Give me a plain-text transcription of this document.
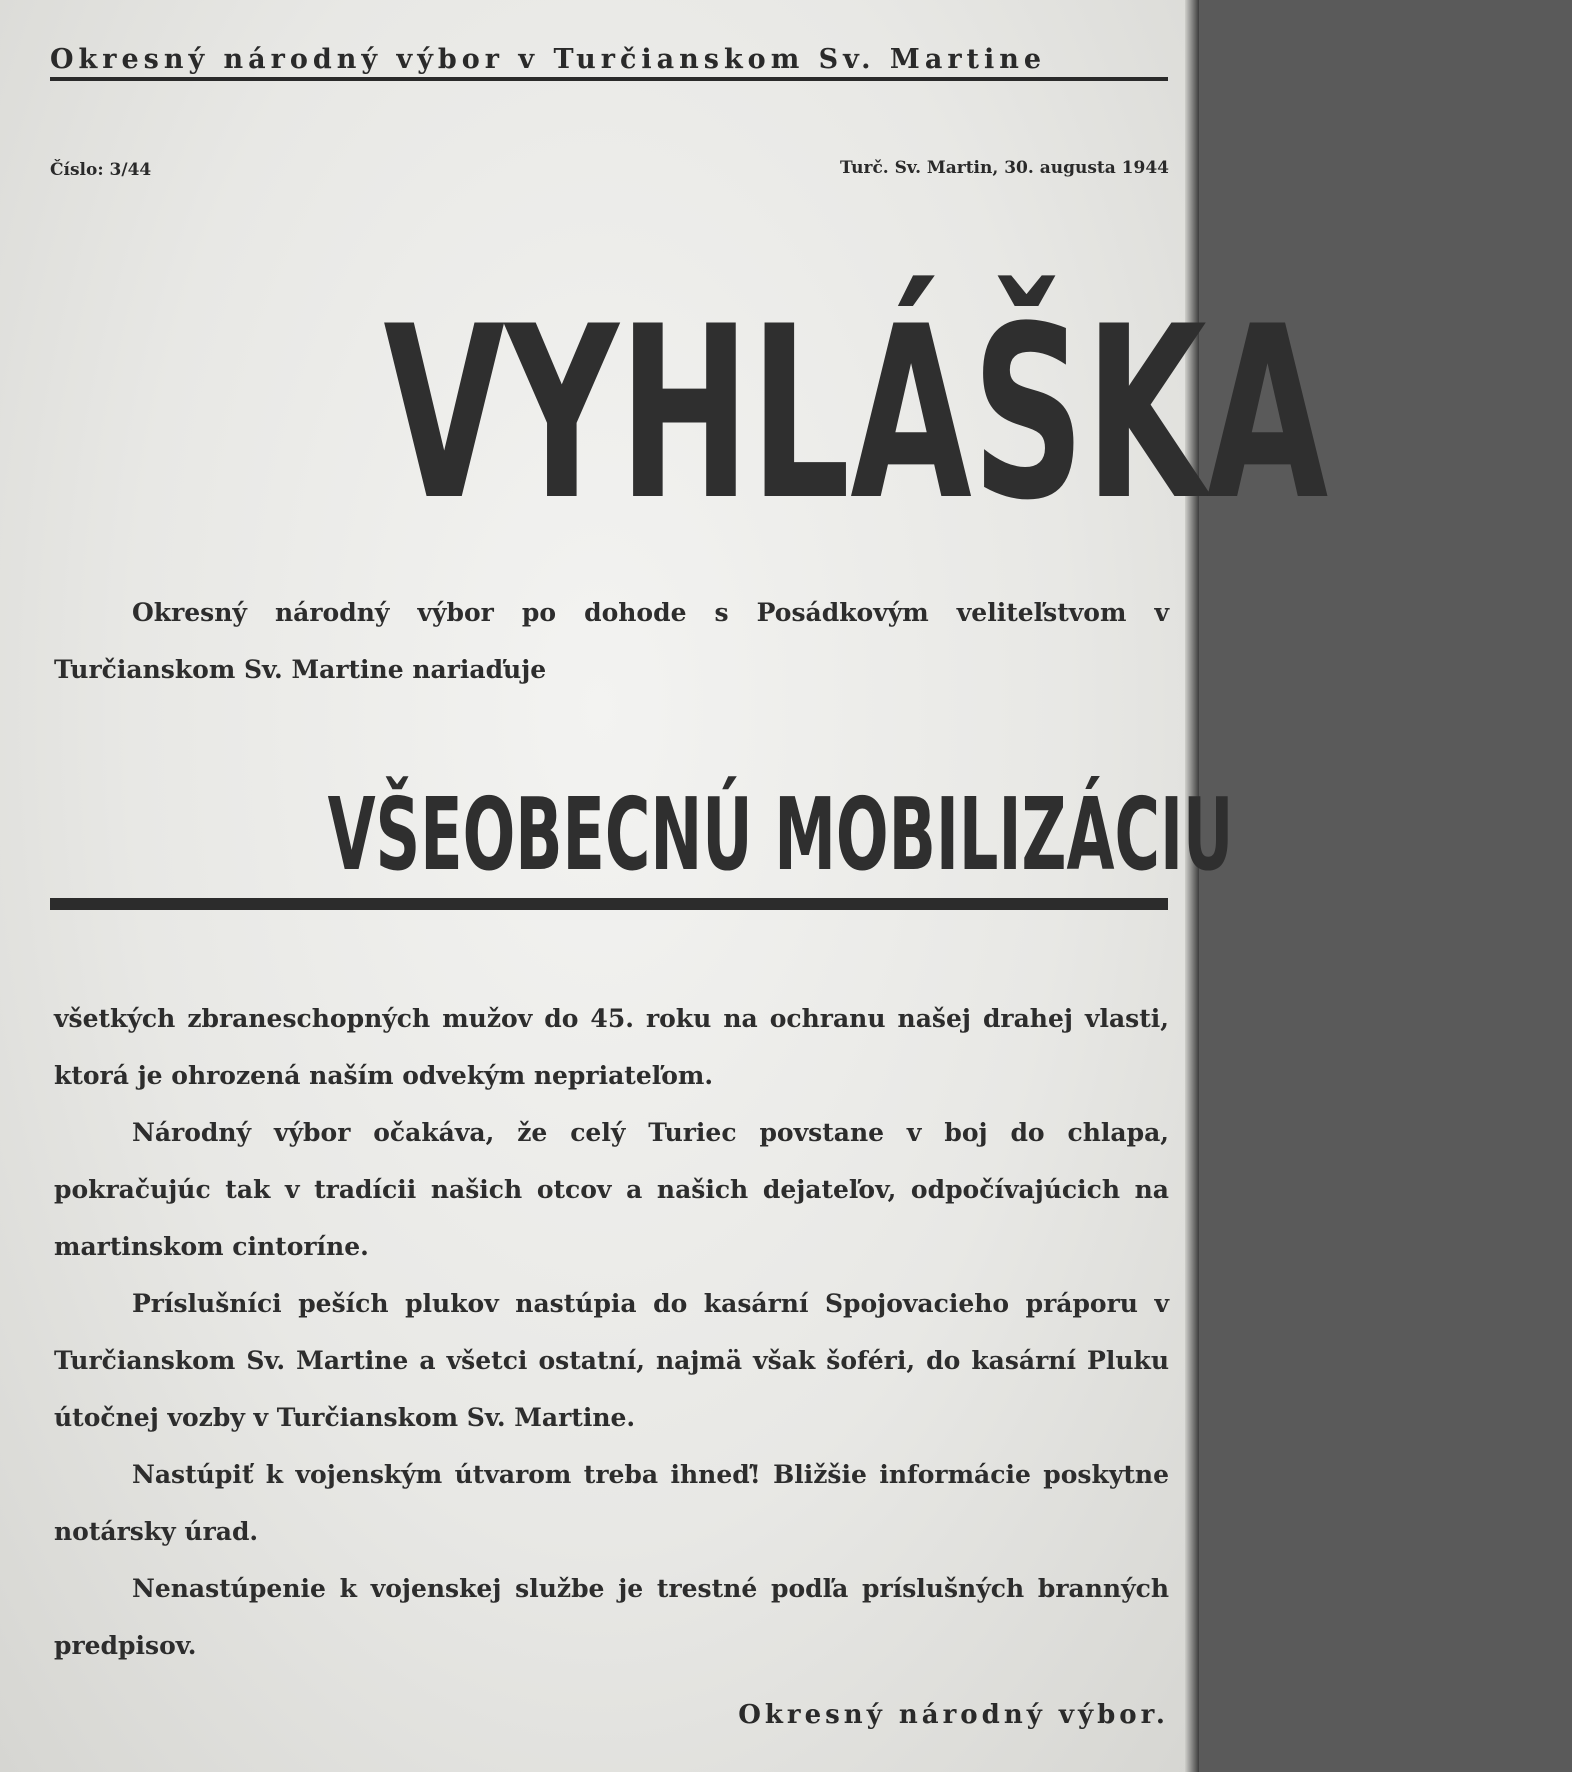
Okresný národný výbor v Turčianskom Sv. Martine
Číslo: 3/44	Turč. Sv. Martin, 30. augusta 1944
VYHLÁŠKA
Okresný národný výbor po dohode s Posádkovým veliteľstvom v Turčianskom Sv. Martine nariaďuje
VŠEOBECNÚ MOBILIZÁCIU
všetkých zbraneschopných mužov do 45. roku na ochranu našej drahej vlasti, ktorá je ohrozená naším odvekým nepriateľom.
Národný výbor očakáva, že celý Turiec povstane v boj do chlapa, pokračujúc tak v tradícii našich otcov a našich dejateľov, odpočívajúcich na martinskom cintoríne.
Príslušníci peších plukov nastúpia do kasární Spojovacieho práporu v Turčianskom Sv. Martine a všetci ostatní, najmä však šoféri, do kasární Pluku útočnej vozby v Turčianskom Sv. Martine.
Nastúpiť k vojenským útvarom treba ihneď! Bližšie informácie poskytne notársky úrad.
Nenastúpenie k vojenskej službe je trestné podľa príslušných branných predpisov.
Okresný národný výbor.
